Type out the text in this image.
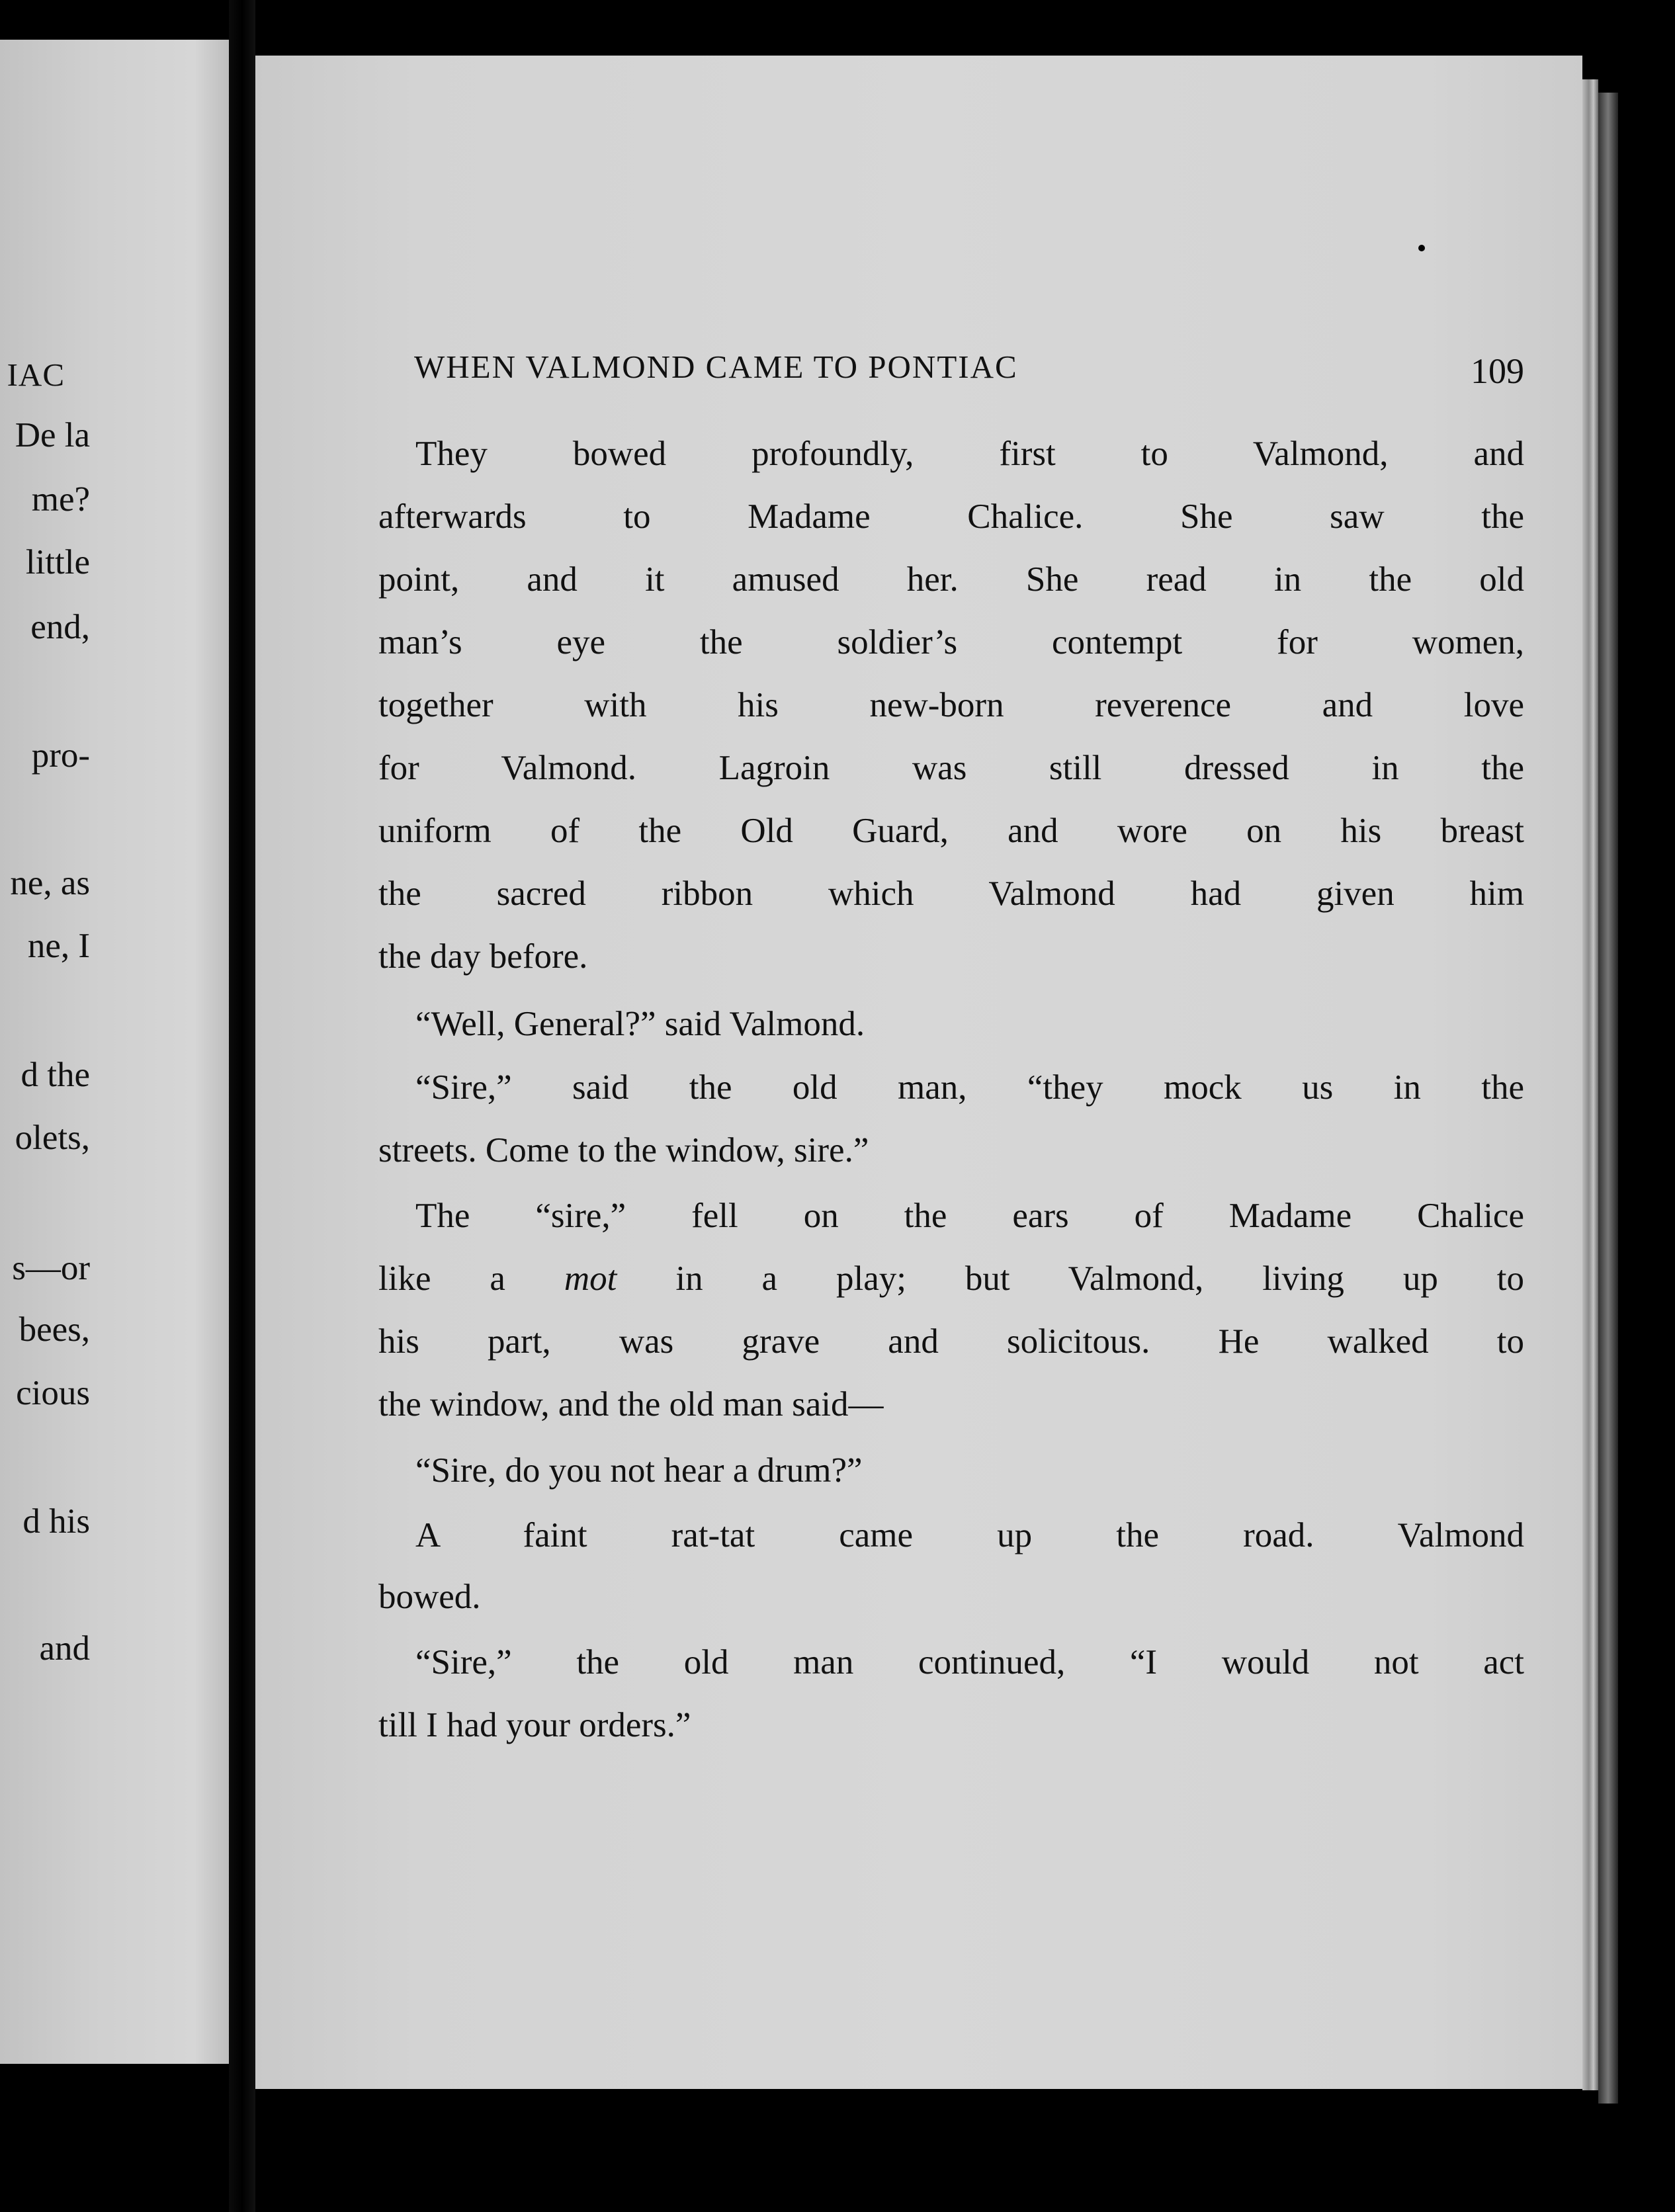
IAC
De la
me?
little
end,
pro-
ne, as
ne, I
d the
olets,
s—or
bees,
cious
d his
and
WHEN VALMOND CAME TO PONTIAC	109
They bowed profoundly, first to Valmond, and
afterwards to Madame Chalice. She saw the
point, and it amused her. She read in the old
man’s eye the soldier’s contempt for women,
together with his new-born reverence and love
for Valmond. Lagroin was still dressed in the
uniform of the Old Guard, and wore on his breast
the sacred ribbon which Valmond had given him
the day before.
“Well, General?” said Valmond.
“Sire,” said the old man, “they mock us in the
streets. Come to the window, sire.”
The “sire,” fell on the ears of Madame Chalice
like a mot in a play; but Valmond, living up to
his part, was grave and solicitous. He walked to
the window, and the old man said—
“Sire, do you not hear a drum?”
A faint rat-tat came up the road. Valmond
bowed.
“Sire,” the old man continued, “I would not act
till I had your orders.”
